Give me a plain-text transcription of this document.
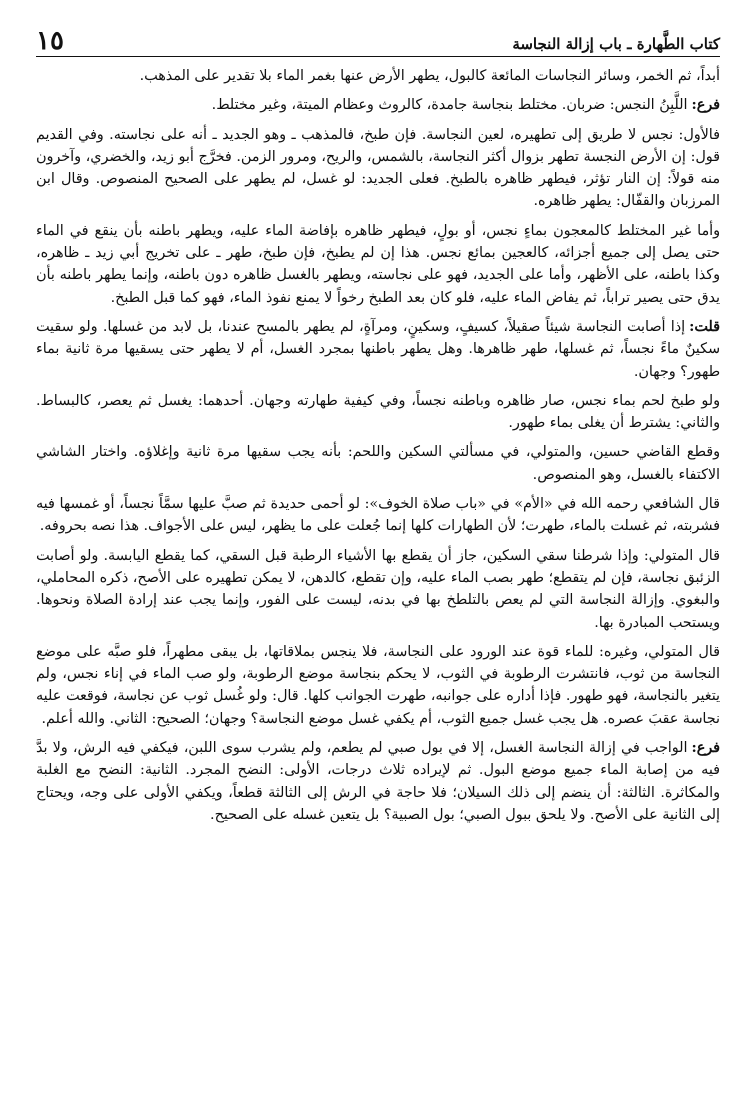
كتاب الطَّهارة ـ باب إزالة النجاسة
١٥

أبداً، ثم الخمر، وسائر النجاسات المائعة كالبول، يطهر الأرض عنها بغمر الماء بلا تقدير على المذهب.

فرع:اللَّبِنُ النجس: ضربان. مختلط بنجاسة جامدة، كالروث وعظام الميتة، وغير مختلط.

فالأول: نجس لا طريق إلى تطهيره، لعين النجاسة. فإن طبخ، فالمذهب ـ وهو الجديد ـ أنه على نجاسته. وفي القديم قول: إن الأرض النجسة تطهر بزوال أكثر النجاسة، بالشمس، والريح، ومرور الزمن. فخرَّج أبو زيد، والخضري، وآخرون منه قولاً: إن النار تؤثر، فيطهر ظاهره بالطبخ. فعلى الجديد: لو غسل، لم يطهر على الصحيح المنصوص. وقال ابن المرزبان والقفّال: يطهر ظاهره.

وأما غير المختلط كالمعجون بماءٍ نجس، أو بولٍ، فيطهر ظاهره بإفاضة الماء عليه، ويطهر باطنه بأن ينقع في الماء حتى يصل إلى جميع أجزائه، كالعجين بمائع نجس. هذا إن لم يطبخ، فإن طبخ، طهر ـ على تخريج أبي زيد ـ ظاهره، وكذا باطنه، على الأظهر، وأما على الجديد، فهو على نجاسته، ويطهر بالغسل ظاهره دون باطنه، وإنما يطهر باطنه بأن يدق حتى يصير تراباً، ثم يفاض الماء عليه، فلو كان بعد الطبخ رخواً لا يمنع نفوذ الماء، فهو كما قبل الطبخ.

قلت:إذا أصابت النجاسة شيئاً صقيلاً، كسيفٍ، وسكينٍ، ومرآةٍ، لم يطهر بالمسح عندنا، بل لابد من غسلها. ولو سقيت سكينٌ ماءً نجساً، ثم غسلها، طهر ظاهرها. وهل يطهر باطنها بمجرد الغسل، أم لا يطهر حتى يسقيها مرة ثانية بماء طهور؟ وجهان.

ولو طبخ لحم بماء نجس، صار ظاهره وباطنه نجساً، وفي كيفية طهارته وجهان. أحدهما: يغسل ثم يعصر، كالبساط. والثاني: يشترط أن يغلى بماء طهور.

وقطع القاضي حسين، والمتولي، في مسألتي السكين واللحم: بأنه يجب سقيها مرة ثانية وإغلاؤه. واختار الشاشي الاكتفاء بالغسل، وهو المنصوص.

قال الشافعي رحمه الله في «الأم» في «باب صلاة الخوف»: لو أحمى حديدة ثم صبَّ عليها سمَّاً نجساً، أو غمسها فيه فشربته، ثم غسلت بالماء، طهرت؛ لأن الطهارات كلها إنما جُعلت على ما يظهر، ليس على الأجواف. هذا نصه بحروفه.

قال المتولي: وإذا شرطنا سقي السكين، جاز أن يقطع بها الأشياء الرطبة قبل السقي، كما يقطع اليابسة. ولو أصابت الزئبق نجاسة، فإن لم يتقطع؛ طهر بصب الماء عليه، وإن تقطع، كالدهن، لا يمكن تطهيره على الأصح، ذكره المحاملي، والبغوي. وإزالة النجاسة التي لم يعص بالتلطخ بها في بدنه، ليست على الفور، وإنما يجب عند إرادة الصلاة ونحوها. ويستحب المبادرة بها.

قال المتولي، وغيره: للماء قوة عند الورود على النجاسة، فلا ينجس بملاقاتها، بل يبقى مطهراً، فلو صبَّه على موضع النجاسة من ثوب، فانتشرت الرطوبة في الثوب، لا يحكم بنجاسة موضع الرطوبة، ولو صب الماء في إناء نجس، ولم يتغير بالنجاسة، فهو طهور. فإذا أداره على جوانبه، طهرت الجوانب كلها. قال: ولو غُسل ثوب عن نجاسة، فوقعت عليه نجاسة عقبَ عصره. هل يجب غسل جميع الثوب، أم يكفي غسل موضع النجاسة؟ وجهان؛ الصحيح: الثاني. والله أعلم.

فرع:الواجب في إزالة النجاسة الغسل، إلا في بول صبي لم يطعم، ولم يشرب سوى اللبن، فيكفي فيه الرش، ولا بدَّ فيه من إصابة الماء جميع موضع البول. ثم لإيراده ثلاث درجات، الأولى: النضح المجرد. الثانية: النضح مع الغلبة والمكاثرة. الثالثة: أن ينضم إلى ذلك السيلان؛ فلا حاجة في الرش إلى الثالثة قطعاً، ويكفي الأولى على وجه، ويحتاج إلى الثانية على الأصح. ولا يلحق ببول الصبي؛ بول الصبية؟ بل يتعين غسله على الصحيح.
